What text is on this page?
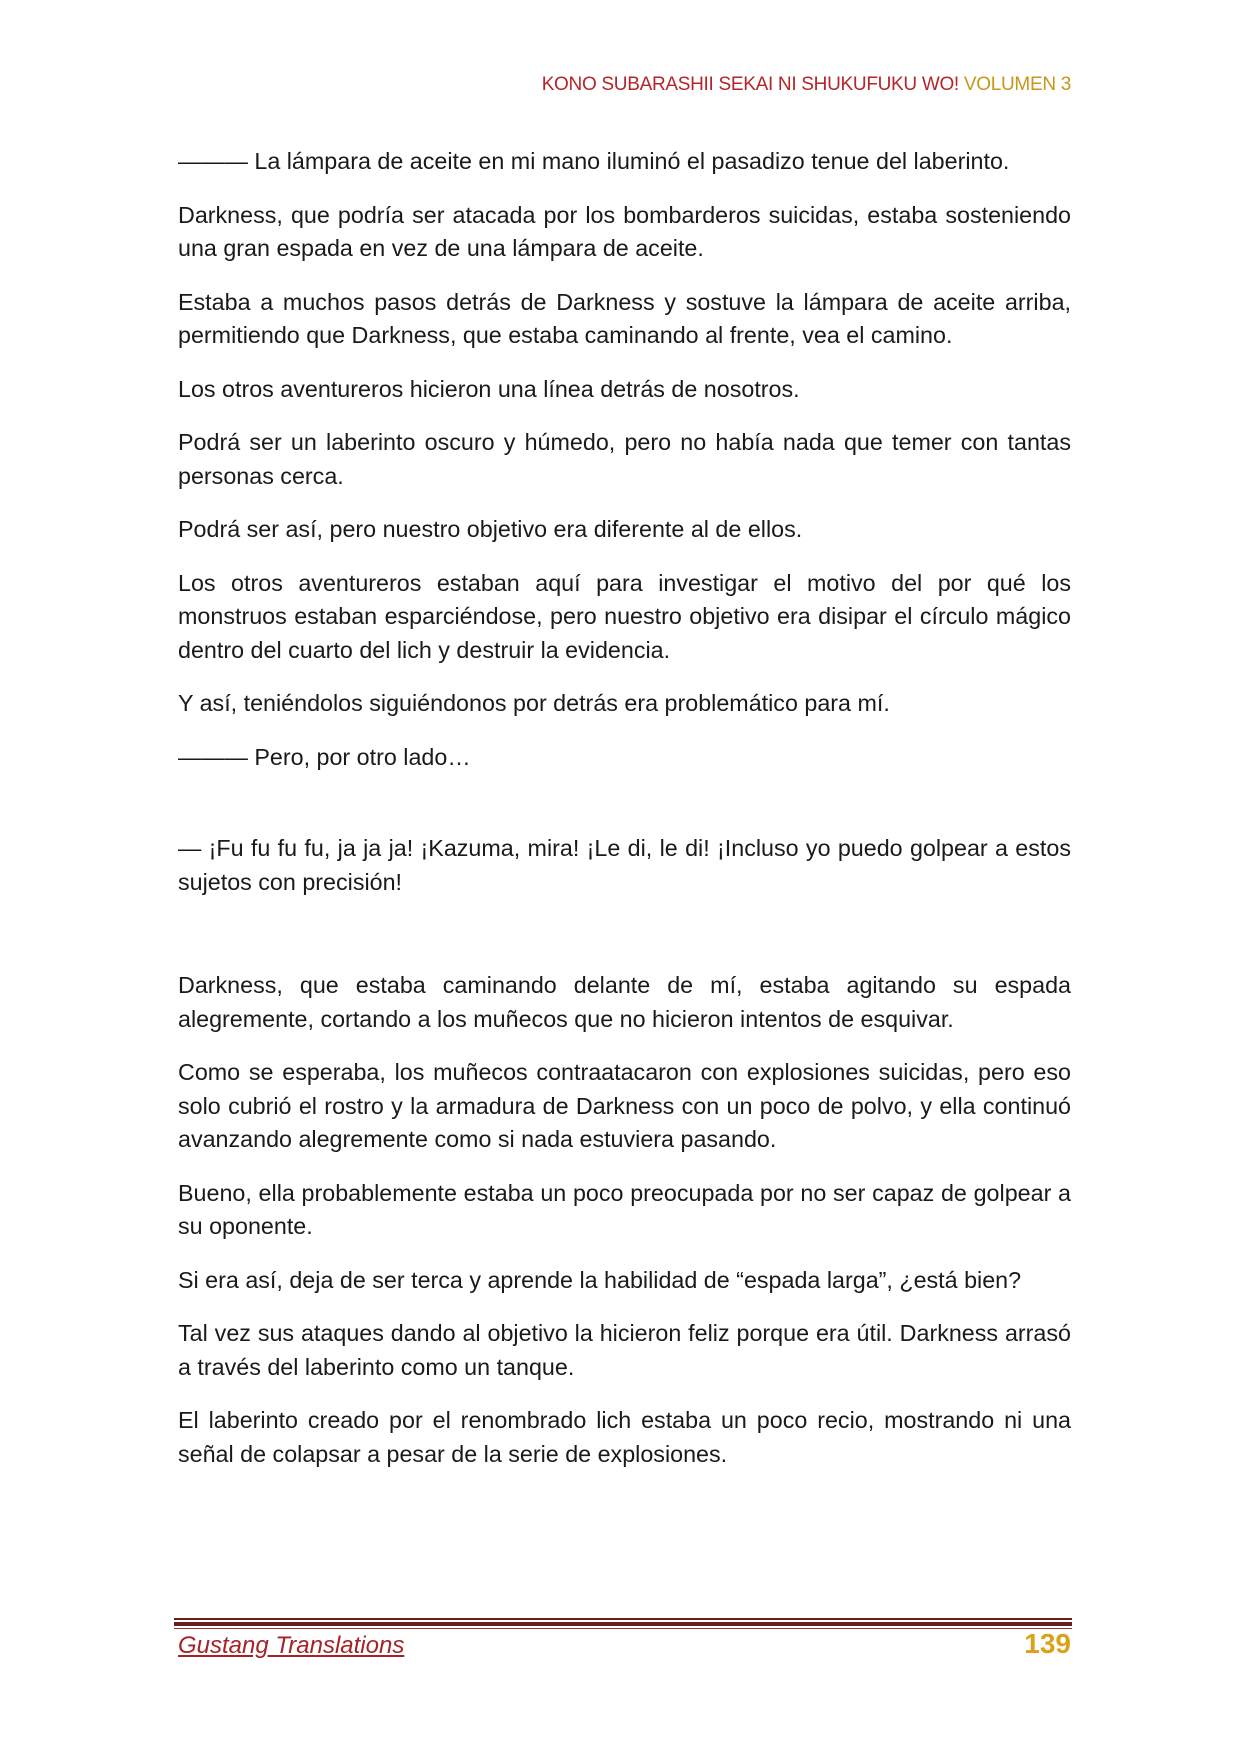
KONO SUBARASHII SEKAI NI SHUKUFUKU WO! VOLUMEN 3

——— La lámpara de aceite en mi mano iluminó el pasadizo tenue del laberinto.

Darkness, que podría ser atacada por los bombarderos suicidas, estaba sosteniendo una gran espada en vez de una lámpara de aceite.

Estaba a muchos pasos detrás de Darkness y sostuve la lámpara de aceite arriba, permitiendo que Darkness, que estaba caminando al frente, vea el camino.

Los otros aventureros hicieron una línea detrás de nosotros.

Podrá ser un laberinto oscuro y húmedo, pero no había nada que temer con tantas personas cerca.

Podrá ser así, pero nuestro objetivo era diferente al de ellos.

Los otros aventureros estaban aquí para investigar el motivo del por qué los monstruos estaban esparciéndose, pero nuestro objetivo era disipar el círculo mágico dentro del cuarto del lich y destruir la evidencia.

Y así, teniéndolos siguiéndonos por detrás era problemático para mí.

——— Pero, por otro lado…

— ¡Fu fu fu fu, ja ja ja! ¡Kazuma, mira! ¡Le di, le di! ¡Incluso yo puedo golpear a estos sujetos con precisión!

Darkness, que estaba caminando delante de mí, estaba agitando su espada alegremente, cortando a los muñecos que no hicieron intentos de esquivar.

Como se esperaba, los muñecos contraatacaron con explosiones suicidas, pero eso solo cubrió el rostro y la armadura de Darkness con un poco de polvo, y ella continuó avanzando alegremente como si nada estuviera pasando.

Bueno, ella probablemente estaba un poco preocupada por no ser capaz de golpear a su oponente.

Si era así, deja de ser terca y aprende la habilidad de “espada larga”, ¿está bien?

Tal vez sus ataques dando al objetivo la hicieron feliz porque era útil. Darkness arrasó a través del laberinto como un tanque.

El laberinto creado por el renombrado lich estaba un poco recio, mostrando ni una señal de colapsar a pesar de la serie de explosiones.

Gustang Translations	139
